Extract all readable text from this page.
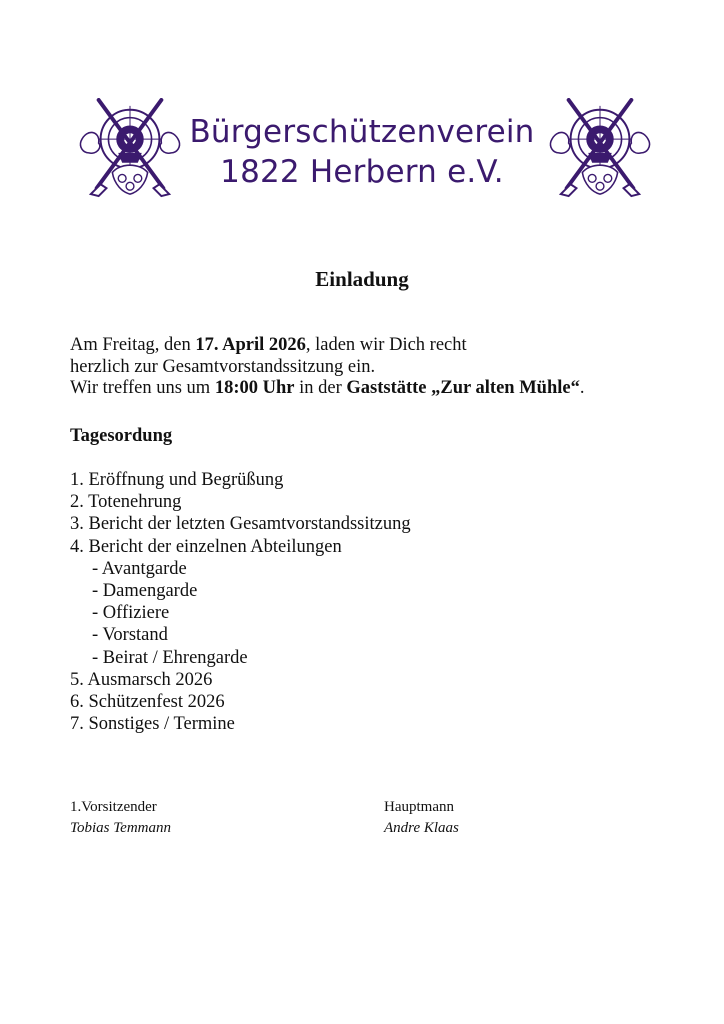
Bürgerschützenverein
1822 Herbern e.V.
Einladung

Am Freitag, den 17. April 2026, laden wir Dich recht

herzlich zur Gesamtvorstandssitzung ein.

Wir treffen uns um 18:00 Uhr in der Gaststätte „Zur alten Mühle“.

Tagesordung
1. Eröffnung und Begrüßung
2. Totenehrung
3. Bericht der letzten Gesamtvorstandssitzung
4. Bericht der einzelnen Abteilungen
- Avantgarde
- Damengarde
- Offiziere
- Vorstand
- Beirat / Ehrengarde
5. Ausmarsch 2026
6. Schützenfest 2026
7. Sonstiges / Termine
1.Vorsitzender
Tobias Temmann
Hauptmann
Andre Klaas
